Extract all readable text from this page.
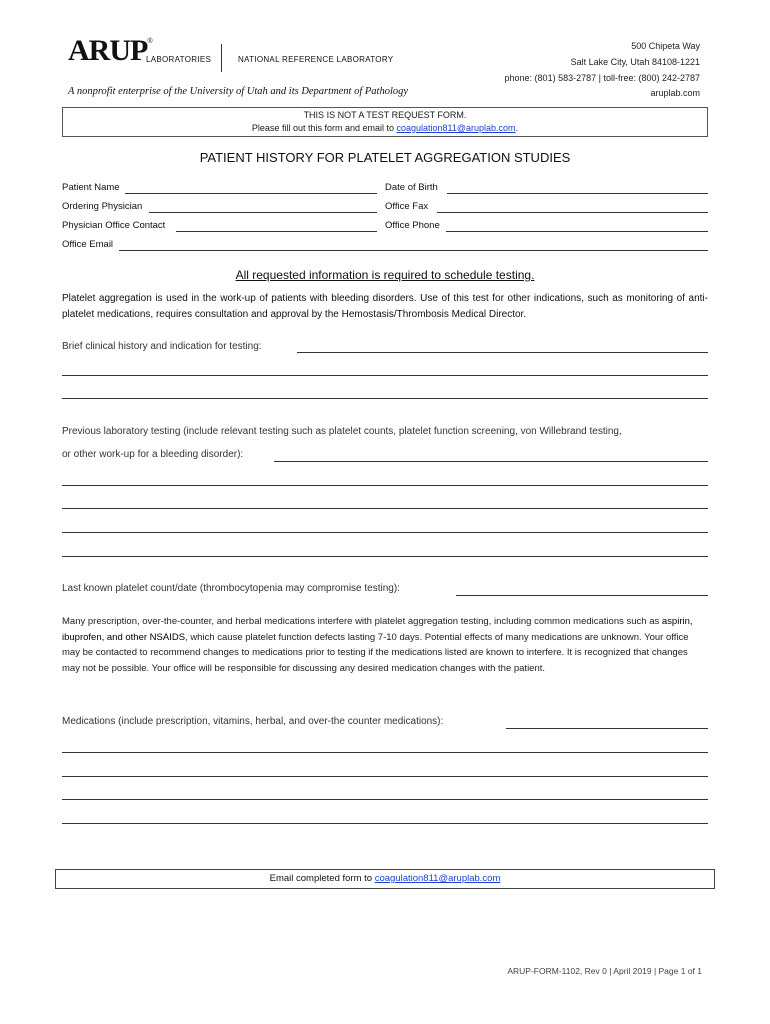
ARUP®
LABORATORIES	NATIONAL REFERENCE LABORATORY
A nonprofit enterprise of the University of Utah and its Department of Pathology
500 Chipeta Way
Salt Lake City, Utah 84108-1221
phone: (801) 583-2787 | toll-free: (800) 242-2787
aruplab.com
THIS IS NOT A TEST REQUEST FORM.
Please fill out this form and email to coagulation811@aruplab.com.
PATIENT HISTORY FOR PLATELET AGGREGATION STUDIES
Patient Name	Date of Birth
Ordering Physician	Office Fax
Physician Office Contact	Office Phone
Office Email
All requested information is required to schedule testing.
Platelet aggregation is used in the work-up of patients with bleeding disorders. Use of this test for other indications, such as monitoring of anti-platelet medications, requires consultation and approval by the Hemostasis/Thrombosis Medical Director.
Brief clinical history and indication for testing:
Previous laboratory testing (include relevant testing such as platelet counts, platelet function screening, von Willebrand testing,
or other work-up for a bleeding disorder):
Last known platelet count/date (thrombocytopenia may compromise testing):
Many prescription, over-the-counter, and herbal medications interfere with platelet aggregation testing, including common medications such as aspirin, ibuprofen, and other NSAIDS, which cause platelet function defects lasting 7-10 days. Potential effects of many medications are unknown. Your office may be contacted to recommend changes to medications prior to testing if the medications listed are known to interfere. It is recognized that changes may not be possible. Your office will be responsible for discussing any desired medication changes with the patient.
Medications (include prescription, vitamins, herbal, and over-the counter medications):
Email completed form to coagulation811@aruplab.com
ARUP-FORM-1102, Rev 0 | April 2019 | Page 1 of 1
